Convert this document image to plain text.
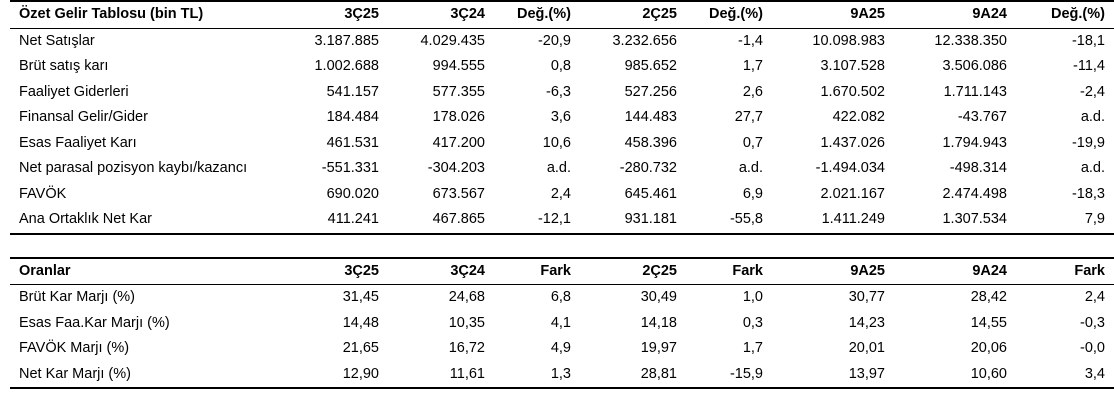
Özet Gelir Tablosu (bin TL)	3Ç25	3Ç24	Değ.(%)	2Ç25	Değ.(%)	9A25	9A24	Değ.(%)
Net Satışlar	3.187.885	4.029.435	-20,9	3.232.656	-1,4	10.098.983	12.338.350	-18,1
Brüt satış karı	1.002.688	994.555	0,8	985.652	1,7	3.107.528	3.506.086	-11,4
Faaliyet Giderleri	541.157	577.355	-6,3	527.256	2,6	1.670.502	1.711.143	-2,4
Finansal Gelir/Gider	184.484	178.026	3,6	144.483	27,7	422.082	-43.767	a.d.
Esas Faaliyet Karı	461.531	417.200	10,6	458.396	0,7	1.437.026	1.794.943	-19,9
Net parasal pozisyon kaybı/kazancı	-551.331	-304.203	a.d.	-280.732	a.d.	-1.494.034	-498.314	a.d.
FAVÖK	690.020	673.567	2,4	645.461	6,9	2.021.167	2.474.498	-18,3
Ana Ortaklık Net Kar	411.241	467.865	-12,1	931.181	-55,8	1.411.249	1.307.534	7,9
Oranlar	3Ç25	3Ç24	Fark	2Ç25	Fark	9A25	9A24	Fark
Brüt Kar Marjı (%)	31,45	24,68	6,8	30,49	1,0	30,77	28,42	2,4
Esas Faa.Kar Marjı (%)	14,48	10,35	4,1	14,18	0,3	14,23	14,55	-0,3
FAVÖK Marjı (%)	21,65	16,72	4,9	19,97	1,7	20,01	20,06	-0,0
Net Kar Marjı (%)	12,90	11,61	1,3	28,81	-15,9	13,97	10,60	3,4
